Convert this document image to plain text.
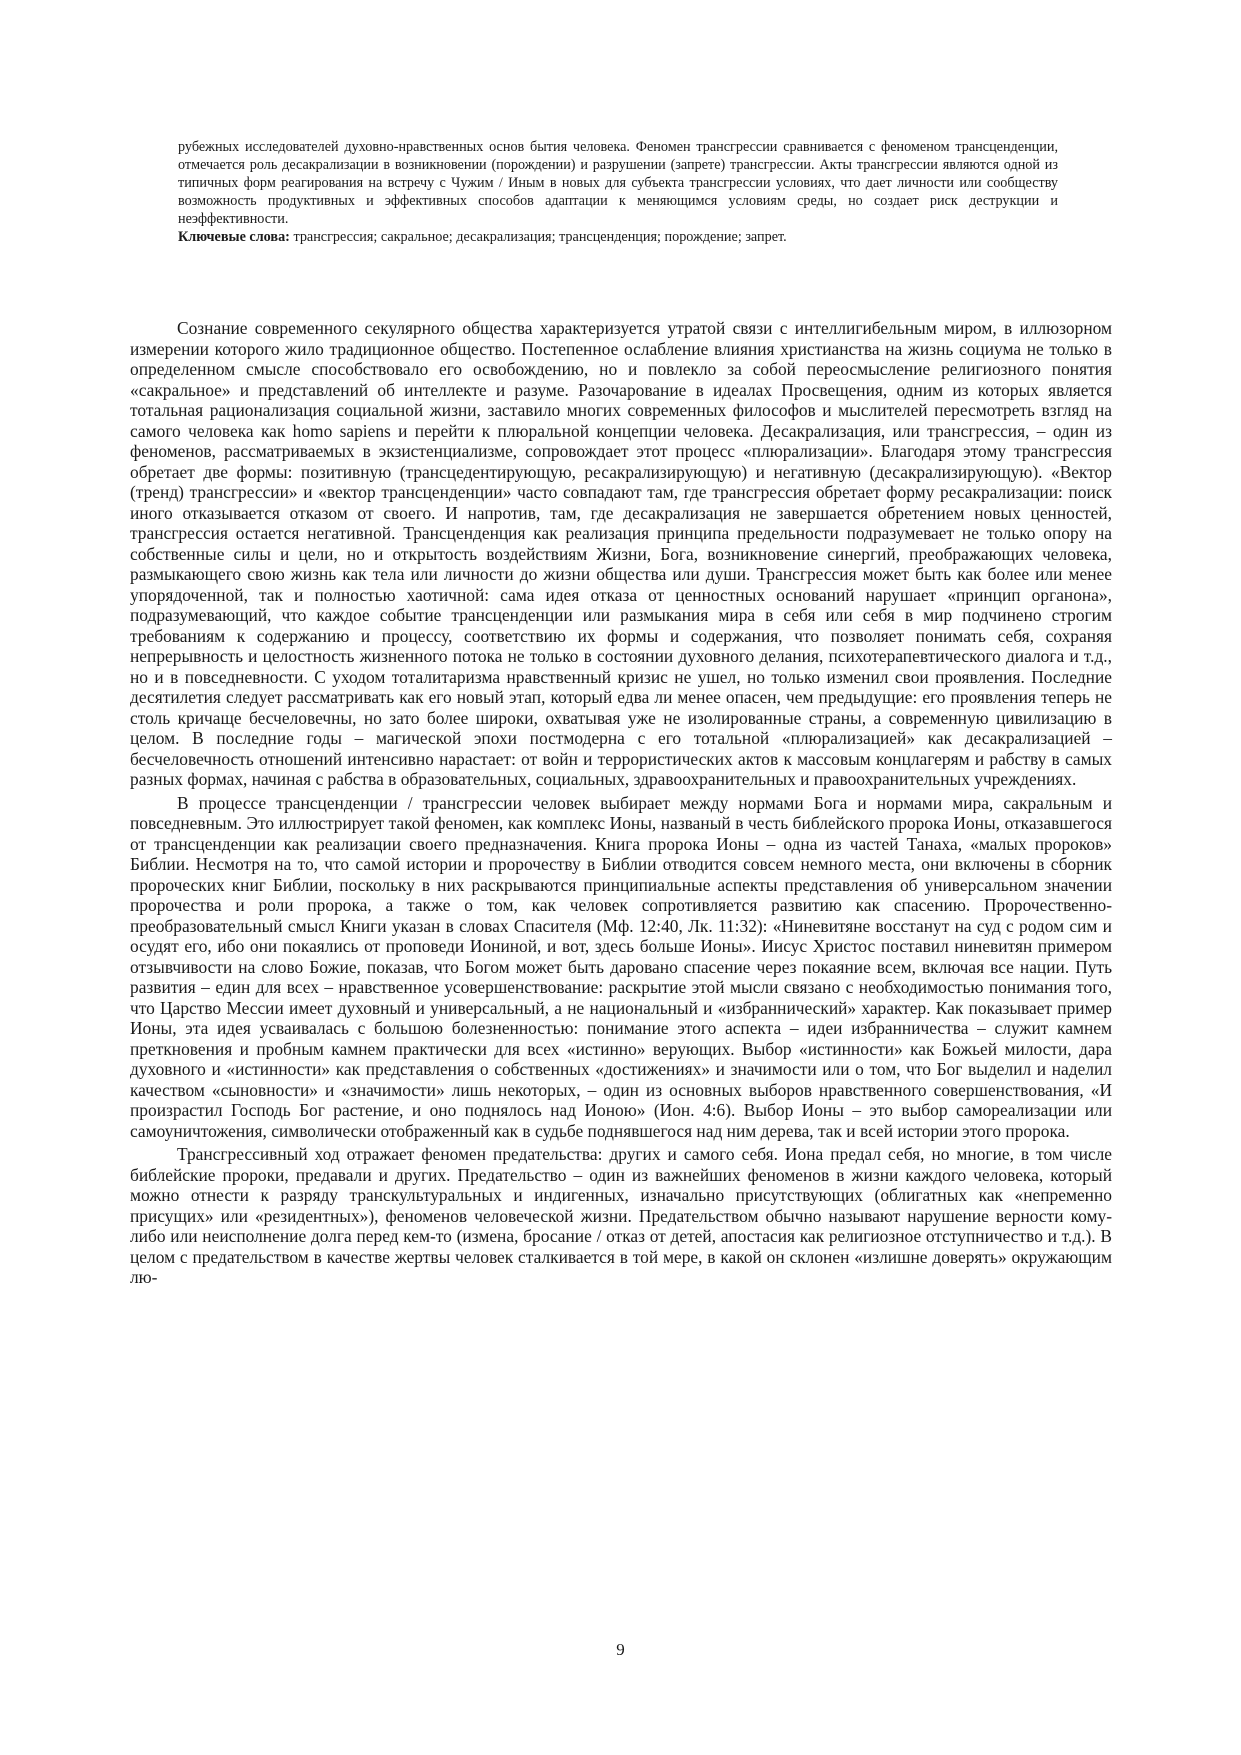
рубежных исследователей духовно-нравственных основ бытия человека. Феномен трансгрессии сравнивается с феноменом трансценденции, отмечается роль десакрализации в возникновении (порождении) и разрушении (запрете) трансгрессии. Акты трансгрессии являются одной из типичных форм реагирования на встречу с Чужим / Иным в новых для субъекта трансгрессии условиях, что дает личности или сообществу возможность продуктивных и эффективных способов адаптации к меняющимся условиям среды, но создает риск деструкции и неэффективности.

Ключевые слова: трансгрессия; сакральное; десакрализация; трансценденция; порождение; запрет.

Сознание современного секулярного общества характеризуется утратой связи с интеллигибельным миром, в иллюзорном измерении которого жило традиционное общество. Постепенное ослабление влияния христианства на жизнь социума не только в определенном смысле способствовало его освобождению, но и повлекло за собой переосмысление религиозного понятия «сакральное» и представлений об интеллекте и разуме. Разочарование в идеалах Просвещения, одним из которых является тотальная рационализация социальной жизни, заставило многих современных философов и мыслителей пересмотреть взгляд на самого человека как homo sapiens и перейти к плюральной концепции человека. Десакрализация, или трансгрессия, – один из феноменов, рассматриваемых в экзистенциализме, сопровождает этот процесс «плюрализации». Благодаря этому трансгрессия обретает две формы: позитивную (трансцедентирующую, ресакрализирующую) и негативную (десакрализирующую). «Вектор (тренд) трансгрессии» и «вектор трансценденции» часто совпадают там, где трансгрессия обретает форму ресакрализации: поиск иного отказывается отказом от своего. И напротив, там, где десакрализация не завершается обретением новых ценностей, трансгрессия остается негативной. Трансценденция как реализация принципа предельности подразумевает не только опору на собственные силы и цели, но и открытость воздействиям Жизни, Бога, возникновение синергий, преображающих человека, размыкающего свою жизнь как тела или личности до жизни общества или души. Трансгрессия может быть как более или менее упорядоченной, так и полностью хаотичной: сама идея отказа от ценностных оснований нарушает «принцип органона», подразумевающий, что каждое событие трансценденции или размыкания мира в себя или себя в мир подчинено строгим требованиям к содержанию и процессу, соответствию их формы и содержания, что позволяет понимать себя, сохраняя непрерывность и целостность жизненного потока не только в состоянии духовного делания, психотерапевтического диалога и т.д., но и в повседневности. С уходом тоталитаризма нравственный кризис не ушел, но только изменил свои проявления. Последние десятилетия следует рассматривать как его новый этап, который едва ли менее опасен, чем предыдущие: его проявления теперь не столь кричаще бесчеловечны, но зато более широки, охватывая уже не изолированные страны, а современную цивилизацию в целом. В последние годы – магической эпохи постмодерна с его тотальной «плюрализацией» как десакрализацией – бесчеловечность отношений интенсивно нарастает: от войн и террористических актов к массовым концлагерям и рабству в самых разных формах, начиная с рабства в образовательных, социальных, здравоохранительных и правоохранительных учреждениях.

В процессе трансценденции / трансгрессии человек выбирает между нормами Бога и нормами мира, сакральным и повседневным. Это иллюстрирует такой феномен, как комплекс Ионы, названый в честь библейского пророка Ионы, отказавшегося от трансценденции как реализации своего предназначения. Книга пророка Ионы – одна из частей Танаха, «малых пророков» Библии. Несмотря на то, что самой истории и пророчеству в Библии отводится совсем немного места, они включены в сборник пророческих книг Библии, поскольку в них раскрываются принципиальные аспекты представления об универсальном значении пророчества и роли пророка, а также о том, как человек сопротивляется развитию как спасению. Пророчественно-преобразовательный смысл Книги указан в словах Спасителя (Мф. 12:40, Лк. 11:32): «Ниневитяне восстанут на суд с родом сим и осудят его, ибо они покаялись от проповеди Иониной, и вот, здесь больше Ионы». Иисус Христос поставил ниневитян примером отзывчивости на слово Божие, показав, что Богом может быть даровано спасение через покаяние всем, включая все нации. Путь развития – един для всех – нравственное усовершенствование: раскрытие этой мысли связано с необходимостью понимания того, что Царство Мессии имеет духовный и универсальный, а не национальный и «избраннический» характер. Как показывает пример Ионы, эта идея усваивалась с большою болезненностью: понимание этого аспекта – идеи избранничества – служит камнем преткновения и пробным камнем практически для всех «истинно» верующих. Выбор «истинности» как Божьей милости, дара духовного и «истинности» как представления о собственных «достижениях» и значимости или о том, что Бог выделил и наделил качеством «сыновности» и «значимости» лишь некоторых, – один из основных выборов нравственного совершенствования, «И произрастил Господь Бог растение, и оно поднялось над Ионою» (Ион. 4:6). Выбор Ионы – это выбор самореализации или самоуничтожения, символически отображенный как в судьбе поднявшегося над ним дерева, так и всей истории этого пророка.

Трансгрессивный ход отражает феномен предательства: других и самого себя. Иона предал себя, но многие, в том числе библейские пророки, предавали и других. Предательство – один из важнейших феноменов в жизни каждого человека, который можно отнести к разряду транскультуральных и индигенных, изначально присутствующих (облигатных как «непременно присущих» или «резидентных»), феноменов человеческой жизни. Предательством обычно называют нарушение верности кому-либо или неисполнение долга перед кем-то (измена, бросание / отказ от детей, апостасия как религиозное отступничество и т.д.). В целом с предательством в качестве жертвы человек сталкивается в той мере, в какой он склонен «излишне доверять» окружающим лю-

9
